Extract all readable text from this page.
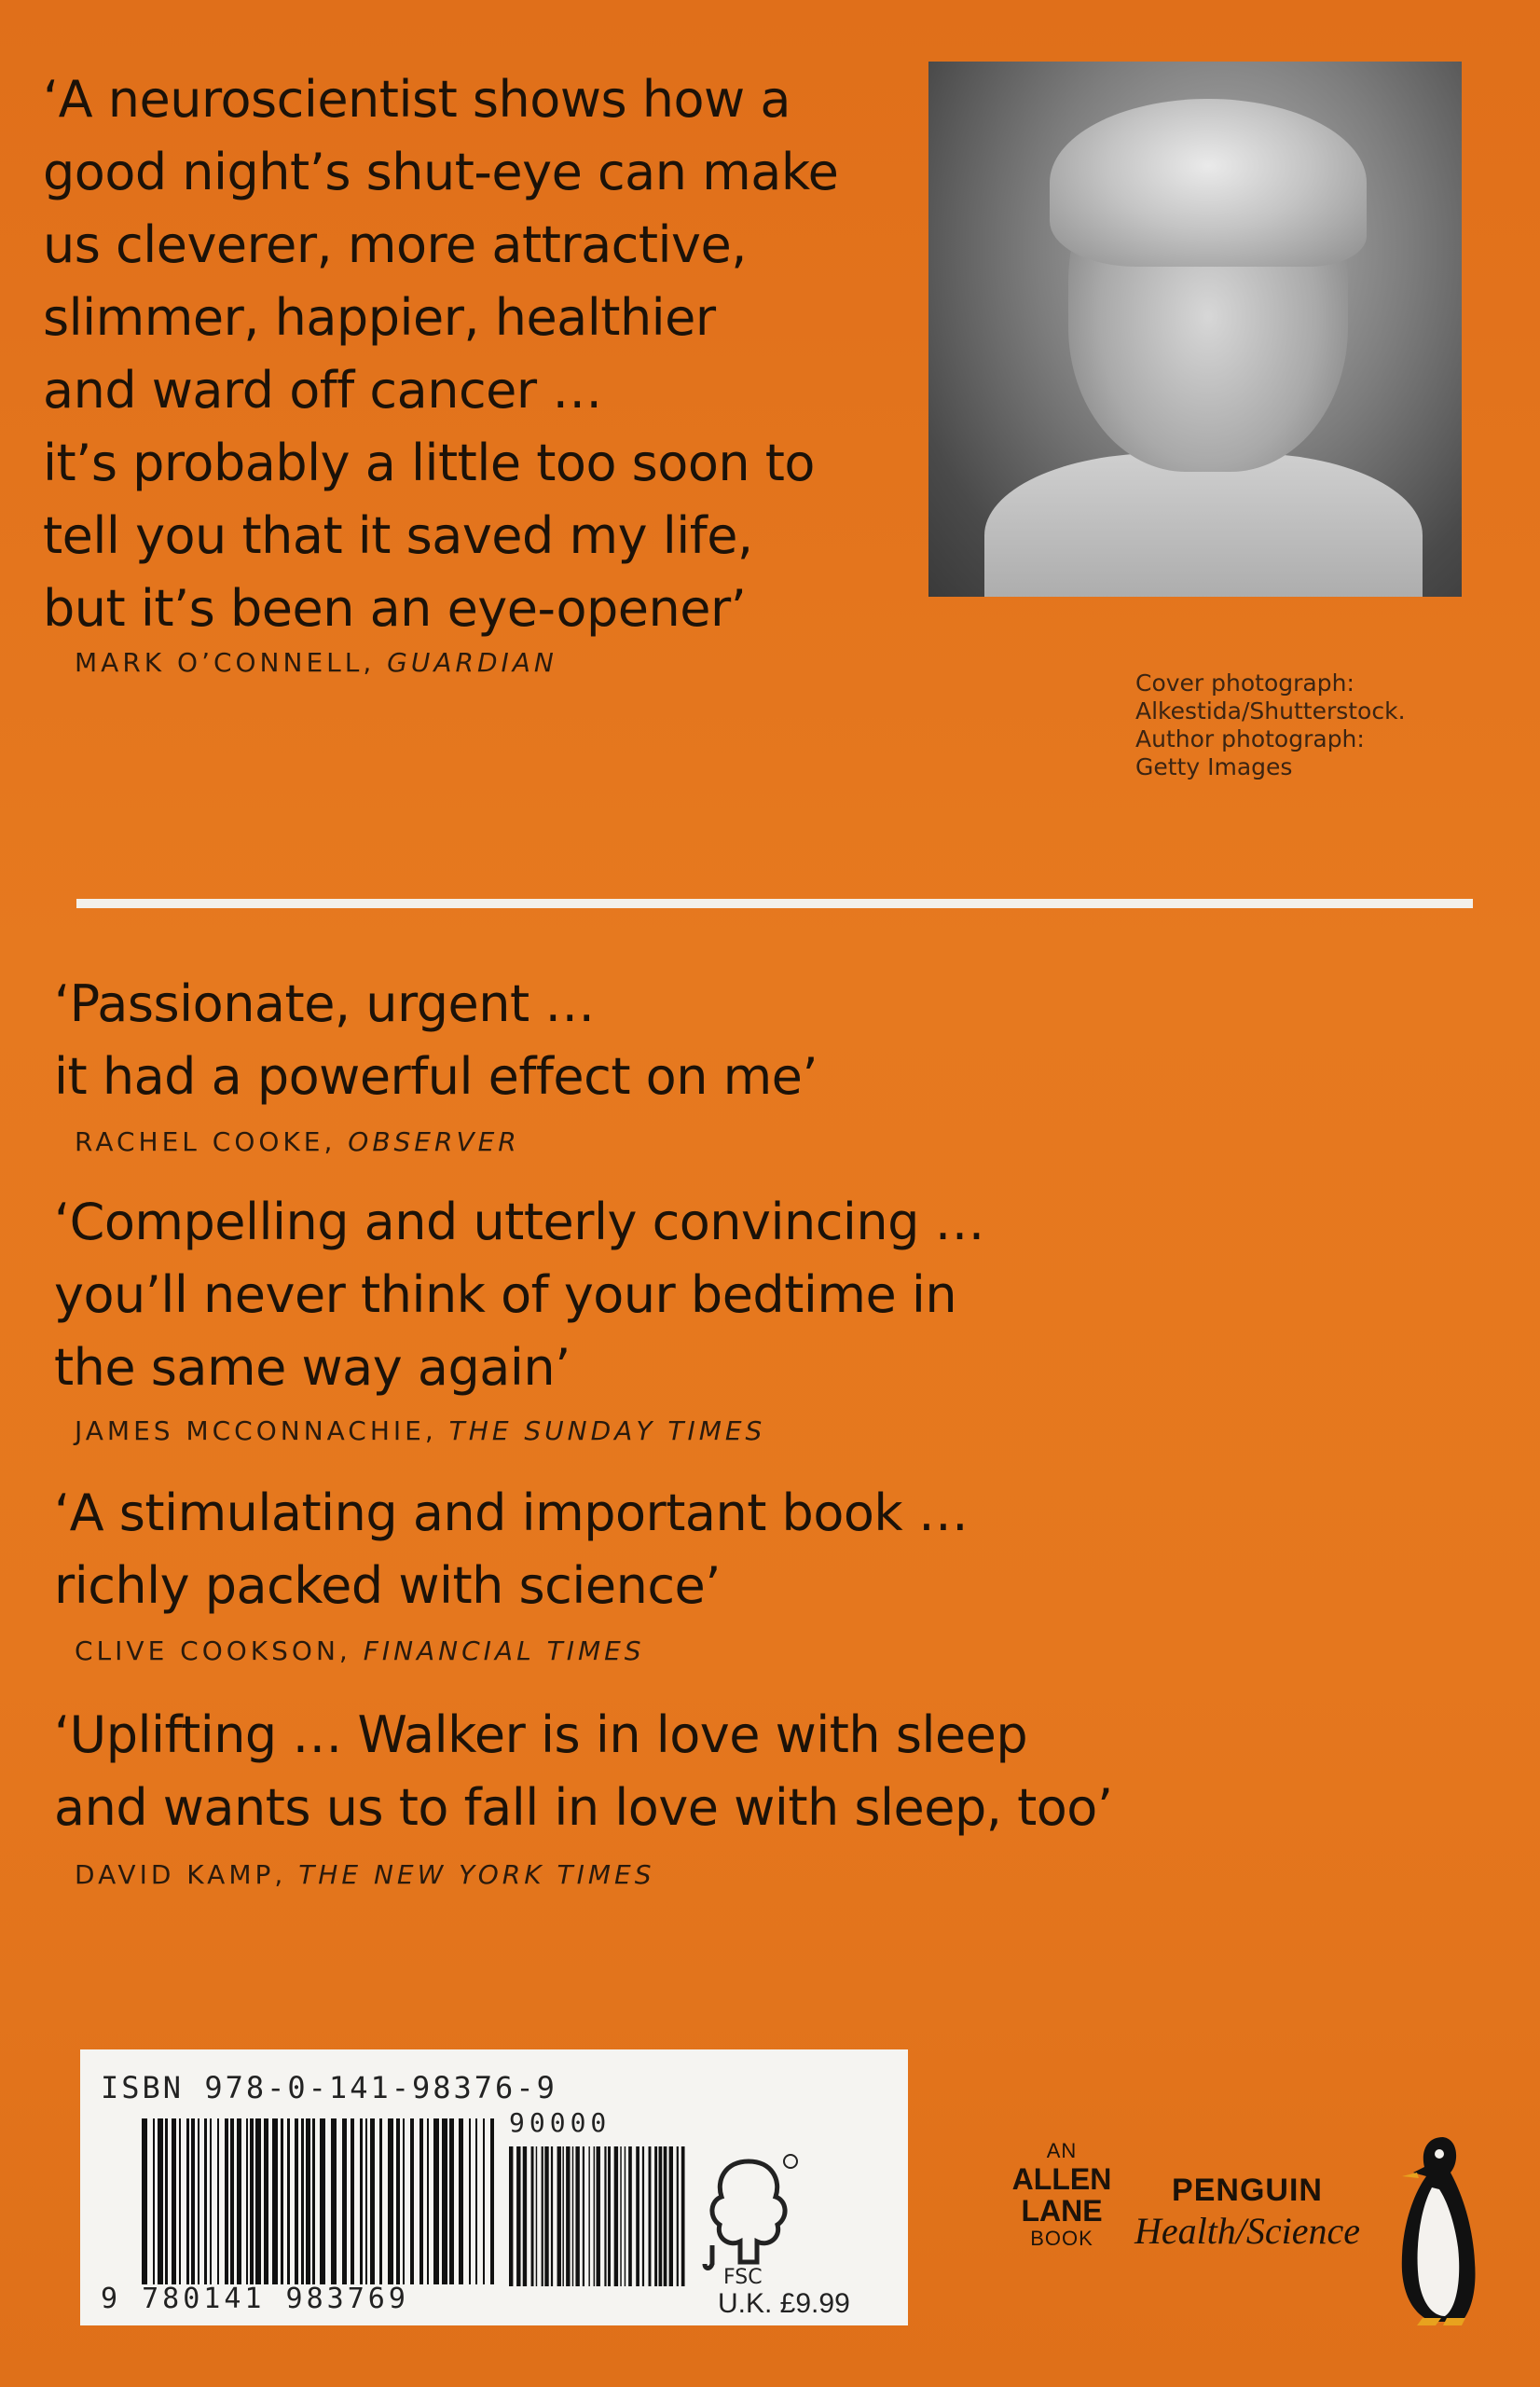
‘A neuroscientist shows how a
good night’s shut-eye can make
us cleverer, more attractive,
slimmer, happier, healthier
and ward off cancer …
it’s probably a little too soon to
tell you that it saved my life,
but it’s been an eye-opener’

MARK O’CONNELL, GUARDIAN
Cover photograph:
Alkestida/Shutterstock.
Author photograph:
Getty Images

‘Passionate, urgent …
it had a powerful effect on me’

RACHEL COOKE, OBSERVER

‘Compelling and utterly convincing …
you’ll never think of your bedtime in
the same way again’

JAMES MCCONNACHIE, THE SUNDAY TIMES

‘A stimulating and important book …
richly packed with science’

CLIVE COOKSON, FINANCIAL TIMES

‘Uplifting … Walker is in love with sleep
and wants us to fall in love with sleep, too’

DAVID KAMP, THE NEW YORK TIMES
ISBN 978-0-141-98376-9
9 780141 983769
90000
FSC
U.K. £9.99
AN
ALLEN
LANE
BOOK
PENGUIN
Health/Science
